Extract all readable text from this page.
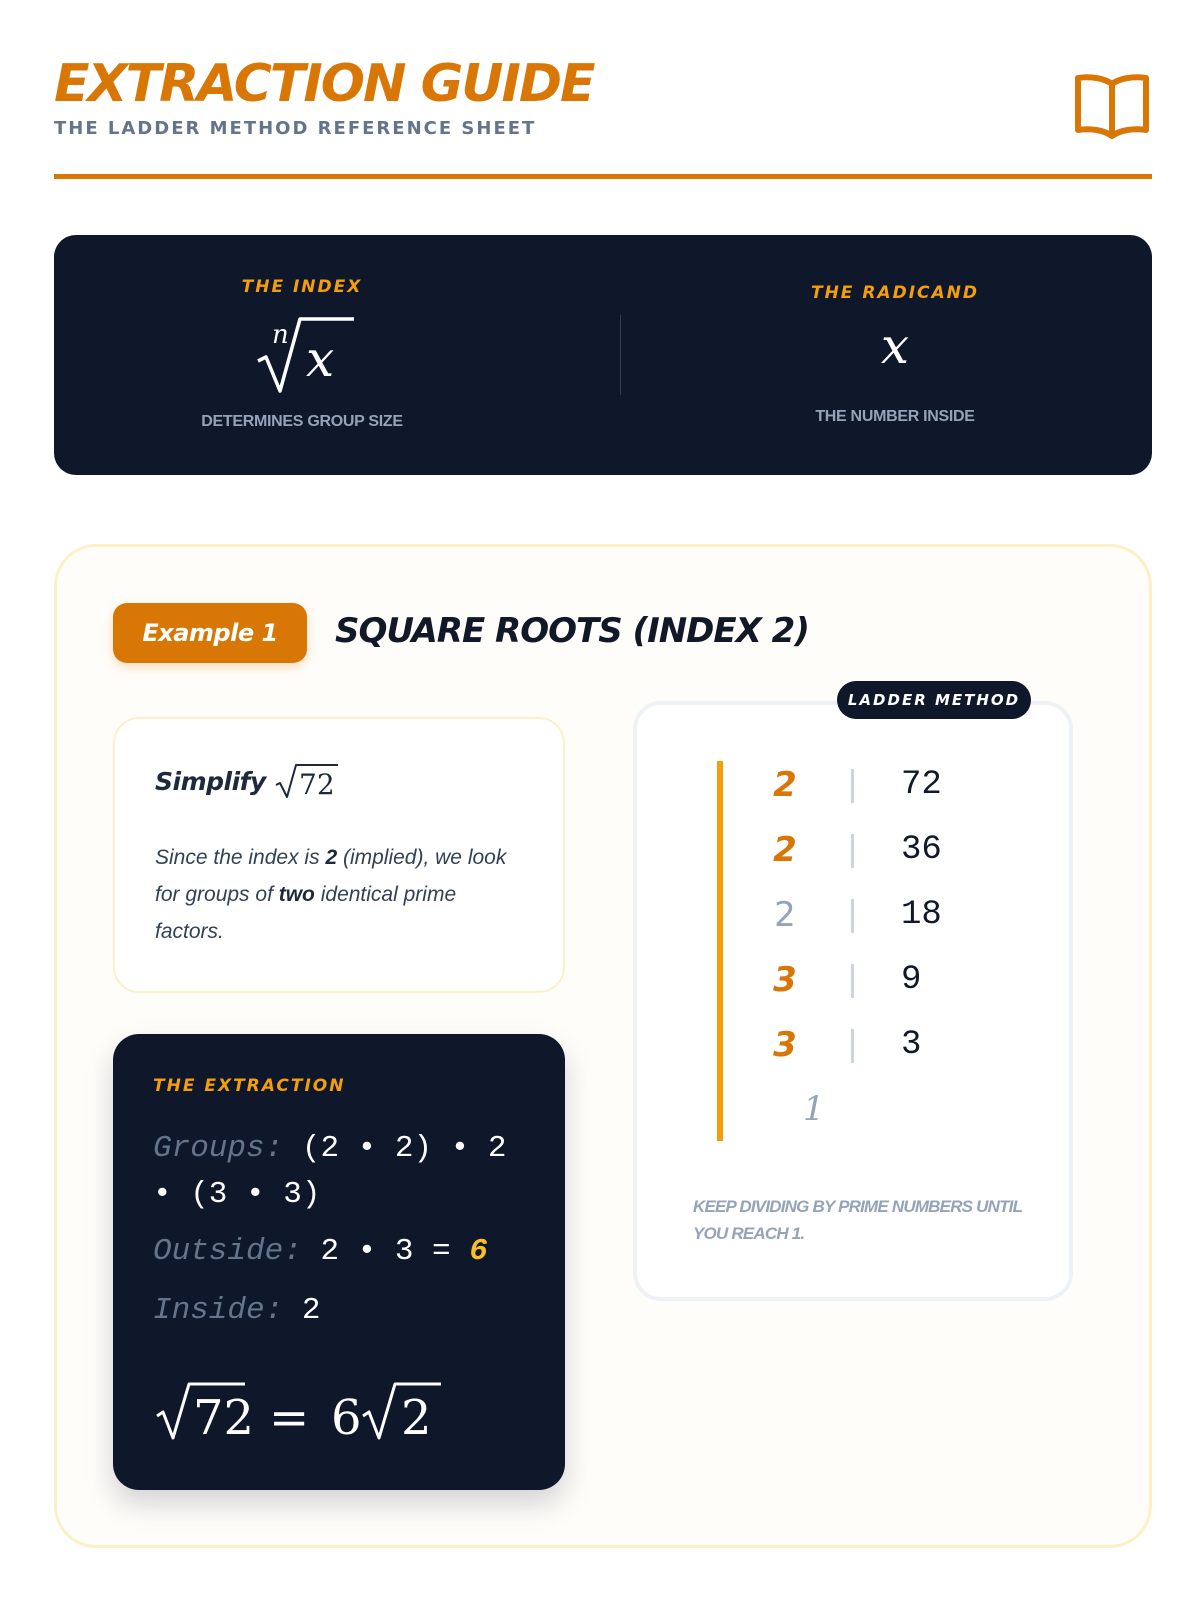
EXTRACTION GUIDE
THE LADDER METHOD REFERENCE SHEET
THE INDEX
n x
DETERMINES GROUP SIZE
THE RADICAND
x
THE NUMBER INSIDE
Example 1	SQUARE ROOTS (INDEX 2)
Simplify 72
Since the index is 2 (implied), we look for groups of two identical prime factors.
THE EXTRACTION
Groups: (2 • 2) • 2 • (3 • 3)
Outside: 2 • 3 = 6
Inside: 2
72 = 6 2
LADDER METHOD
2	72
2	36
2	18
3	9
3	3
1
KEEP DIVIDING BY PRIME NUMBERS UNTIL YOU REACH 1.
